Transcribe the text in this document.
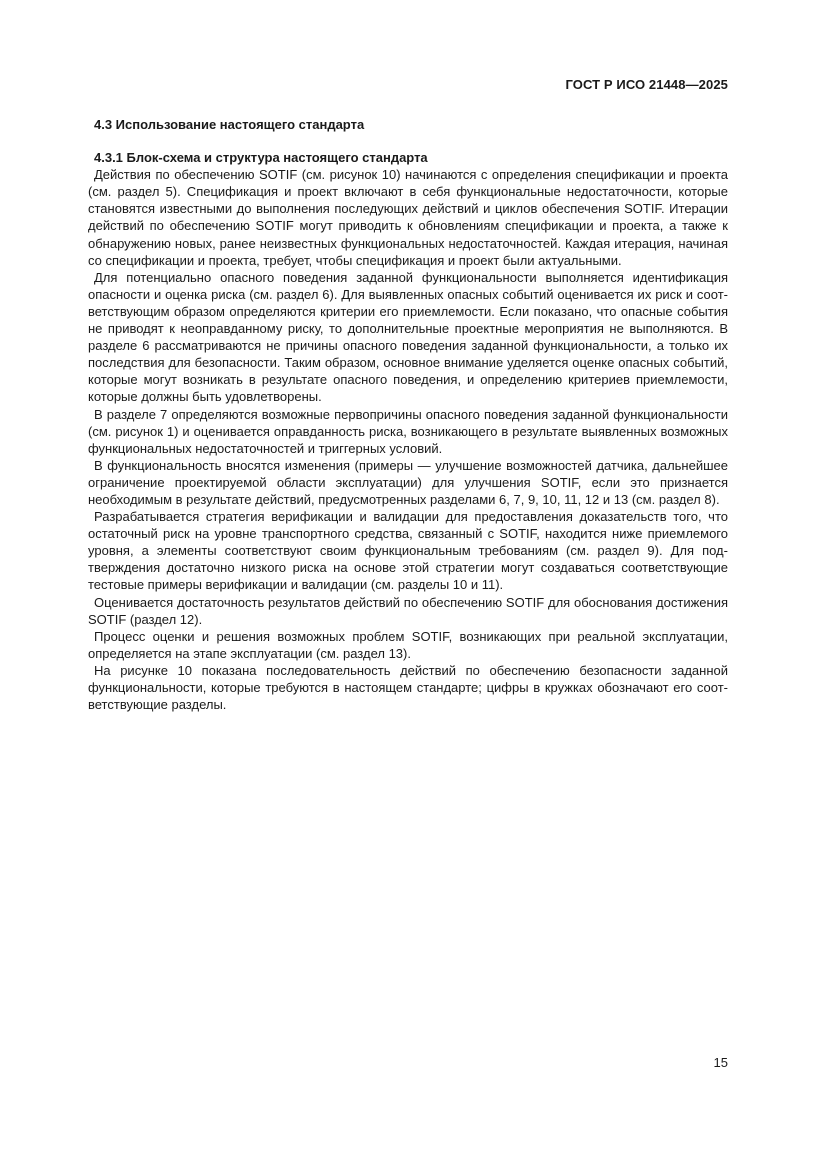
ГОСТ Р ИСО 21448—2025
4.3 Использование настоящего стандарта
4.3.1 Блок-схема и структура настоящего стандарта

Действия по обеспечению SOTIF (см. рисунок 10) начинаются с определения спецификации и проекта (см. раздел 5). Спецификация и проект включают в себя функциональные недостаточности, которые становятся известными до выполнения последующих действий и циклов обеспечения SOTIF. Итерации действий по обеспечению SOTIF могут приводить к обновлениям спецификации и проекта, а также к обнаружению новых, ранее неизвестных функциональных недостаточностей. Каждая итерация, начиная со спецификации и проекта, требует, чтобы спецификация и проект были актуальными.

Для потенциально опасного поведения заданной функциональности выполняется идентификация опасности и оценка риска (см. раздел 6). Для выявленных опасных событий оценивается их риск и соответствующим образом определяются критерии его приемлемости. Если показано, что опасные события не приводят к неоправданному риску, то дополнительные проектные мероприятия не выполняются. В разделе 6 рассматриваются не причины опасного поведения заданной функциональности, а только их последствия для безопасности. Таким образом, основное внимание уделяется оценке опасных событий, которые могут возникать в результате опасного поведения, и определению критериев приемлемости, которые должны быть удовлетворены.

В разделе 7 определяются возможные первопричины опасного поведения заданной функциональности (см. рисунок 1) и оценивается оправданность риска, возникающего в результате выявленных возможных функциональных недостаточностей и триггерных условий.

В функциональность вносятся изменения (примеры — улучшение возможностей датчика, дальнейшее ограничение проектируемой области эксплуатации) для улучшения SOTIF, если это признается необходимым в результате действий, предусмотренных разделами 6, 7, 9, 10, 11, 12 и 13 (см. раздел 8).

Разрабатывается стратегия верификации и валидации для предоставления доказательств того, что остаточный риск на уровне транспортного средства, связанный с SOTIF, находится ниже приемлемого уровня, а элементы соответствуют своим функциональным требованиям (см. раздел 9). Для подтверждения достаточно низкого риска на основе этой стратегии могут создаваться соответствующие тестовые примеры верификации и валидации (см. разделы 10 и 11).

Оценивается достаточность результатов действий по обеспечению SOTIF для обоснования достижения SOTIF (раздел 12).

Процесс оценки и решения возможных проблем SOTIF, возникающих при реальной эксплуатации, определяется на этапе эксплуатации (см. раздел 13).

На рисунке 10 показана последовательность действий по обеспечению безопасности заданной функциональности, которые требуются в настоящем стандарте; цифры в кружках обозначают его соответствующие разделы.

15
